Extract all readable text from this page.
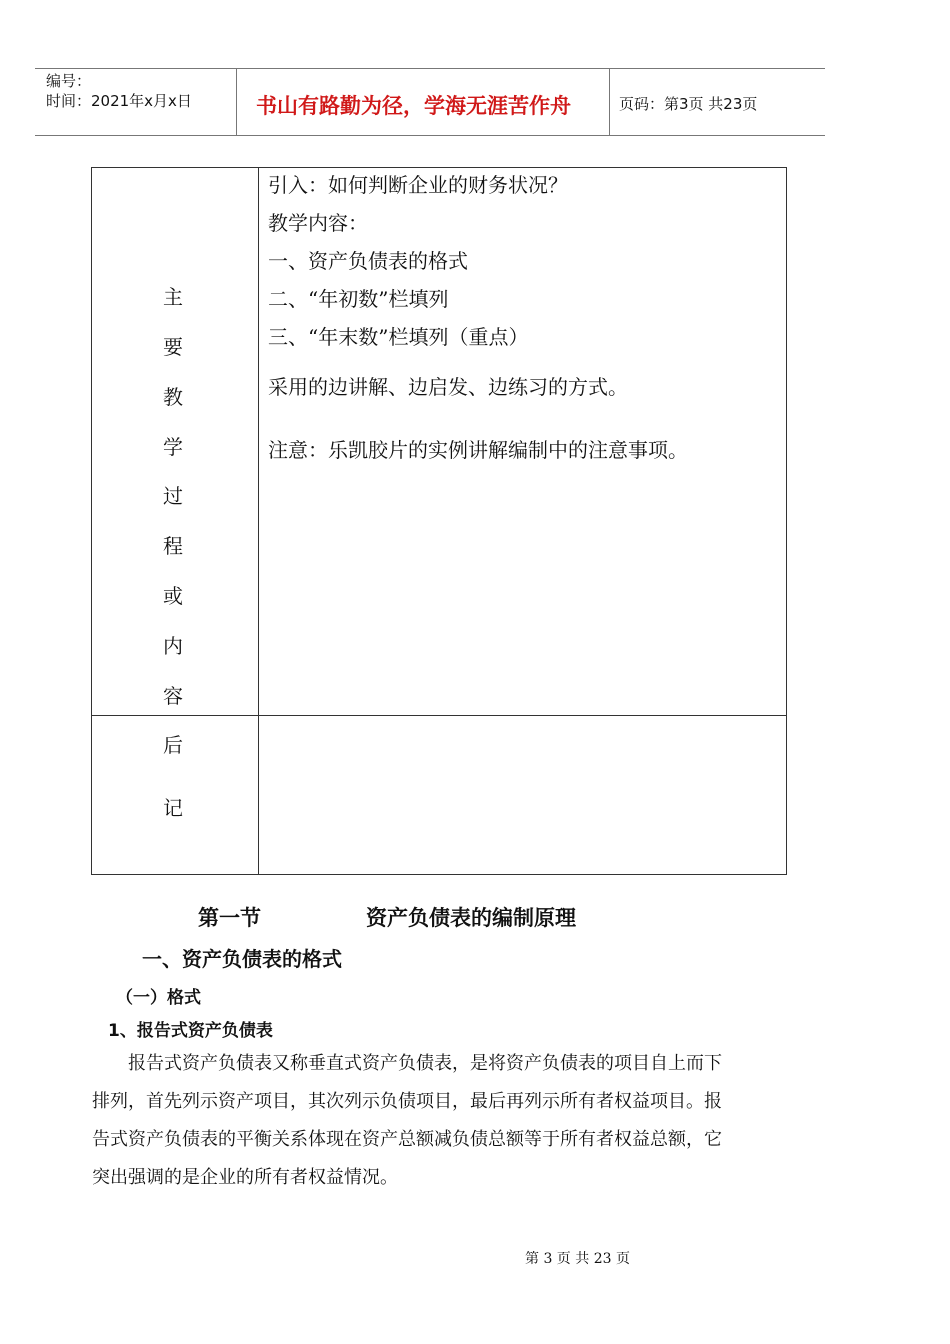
编号：
时间：2021年x月x日	书山有路勤为径，学海无涯苦作舟	页码：第3页 共23页
主
要
教
学
过
程
或
内
容
引入：如何判断企业的财务状况？
教学内容：
一、资产负债表的格式
二、“年初数”栏填列
三、“年末数”栏填列（重点）
采用的边讲解、边启发、边练习的方式。
注意：乐凯胶片的实例讲解编制中的注意事项。
后
记
第一节	资产负债表的编制原理
一、资产负债表的格式
（一）格式
1、报告式资产负债表
报告式资产负债表又称垂直式资产负债表，是将资产负债表的项目自上而下
排列，首先列示资产项目，其次列示负债项目，最后再列示所有者权益项目。报
告式资产负债表的平衡关系体现在资产总额减负债总额等于所有者权益总额，它
突出强调的是企业的所有者权益情况。
第 3 页 共 23 页
